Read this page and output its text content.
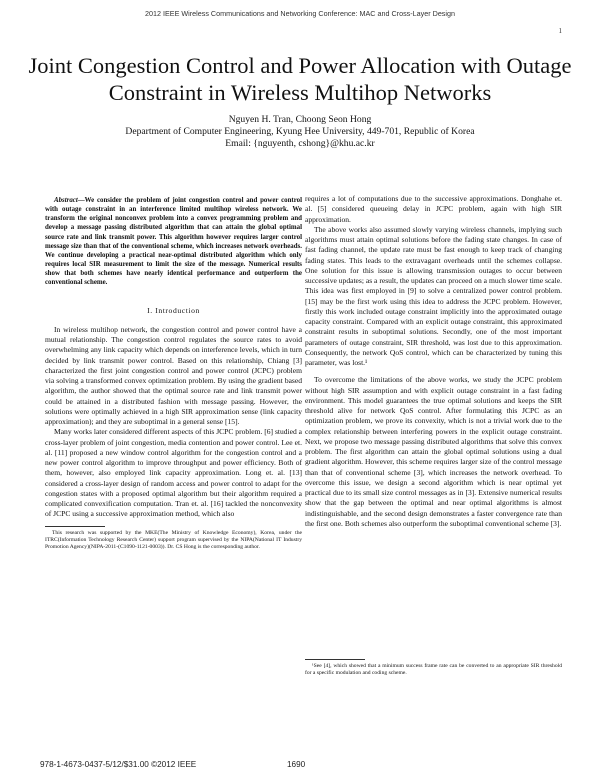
2012 IEEE Wireless Communications and Networking Conference: MAC and Cross-Layer Design
1
Joint Congestion Control and Power Allocation with Outage Constraint in Wireless Multihop Networks
Nguyen H. Tran, Choong Seon Hong
Department of Computer Engineering, Kyung Hee University, 449-701, Republic of Korea
Email: {nguyenth, cshong}@khu.ac.kr

Abstract—We consider the problem of joint congestion control and power control with outage constraint in an interference limited multihop wireless network. We transform the original nonconvex problem into a convex programming problem and develop a message passing distributed algorithm that can attain the global optimal source rate and link transmit power. This algorithm however requires larger control message size than that of the conventional scheme, which increases network overheads. We continue developing a practical near-optimal distributed algorithm which only requires local SIR measurement to limit the size of the message. Numerical results show that both schemes have nearly identical performance and outperform the conventional scheme.

I. Introduction

In wireless multihop network, the congestion control and power control have a mutual relationship. The congestion control regulates the source rates to avoid overwhelming any link capacity which depends on interference levels, which in turn decided by link transmit power control. Based on this relationship, Chiang [3] characterized the first joint congestion control and power control (JCPC) problem via solving a transformed convex optimization problem. By using the gradient based algorithm, the author showed that the optimal source rate and link transmit power could be attained in a distributed fashion with message passing. However, the solutions were optimally achieved in a high SIR approximation sense (link capacity approximation); and they are suboptimal in a general sense [15].

Many works later considered different aspects of this JCPC problem. [6] studied a cross-layer problem of joint congestion, media contention and power control. Lee et. al. [11] proposed a new window control algorithm for the congestion control and a new power control algorithm to improve throughput and power efficiency. Both of them, however, also employed link capacity approximation. Long et. al. [13] considered a cross-layer design of random access and power control to adapt for the congestion states with a proposed optimal algorithm but their algorithm required a complicated convexification computation. Tran et. al. [16] tackled the nonconvexity of JCPC using a successive approximation method, which also

This research was supported by the MKE(The Ministry of Knowledge Economy), Korea, under the ITRC(Information Technology Research Center) support program supervised by the NIPA(National IT Industry Promotion Agency)(NIPA-2011-(C1090-1121-0003)). Dr. CS Hong is the corresponding author.

requires a lot of computations due to the successive approximations. Donghahe et. al. [5] considered queueing delay in JCPC problem, again with high SIR approximation.

The above works also assumed slowly varying wireless channels, implying such algorithms must attain optimal solutions before the fading state changes. In case of fast fading channel, the update rate must be fast enough to keep track of changing fading states. This leads to the extravagant overheads until the schemes collapse. One solution for this issue is allowing transmission outages to occur between successive updates; as a result, the updates can proceed on a much slower time scale. This idea was first employed in [9] to solve a centralized power control problem. [15] may be the first work using this idea to address the JCPC problem. However, firstly this work included outage constraint implicitly into the approximated outage capacity constraint. Compared with an explicit outage constraint, this approximated constraint results in suboptimal solutions. Secondly, one of the most important parameters of outage constraint, SIR threshold, was lost due to this approximation. Consequently, the network QoS control, which can be characterized by tuning this parameter, was lost.¹

To overcome the limitations of the above works, we study the JCPC problem without high SIR assumption and with explicit outage constraint in a fast fading environment. This model guarantees the true optimal solutions and keeps the SIR threshold alive for network QoS control. After formulating this JCPC as an optimization problem, we prove its convexity, which is not a trivial work due to the complex relationship between interfering powers in the explicit outage constraint. Next, we propose two message passing distributed algorithms that solve this convex problem. The first algorithm can attain the global optimal solutions using a dual gradient algorithm. However, this scheme requires larger size of the control message than that of conventional scheme [3], which increases the network overhead. To overcome this issue, we design a second algorithm which is near optimal yet practical due to its small size control messages as in [3]. Extensive numerical results show that the gap between the optimal and near optimal algorithms is almost indistinguishable, and the second design demonstrates a faster convergence rate than the first one. Both schemes also outperform the suboptimal conventional scheme [3].

¹See [4], which showed that a minimum success frame rate can be converted to an appropriate SIR threshold for a specific modulation and coding scheme.

978-1-4673-0437-5/12/$31.00 ©2012 IEEE	1690
